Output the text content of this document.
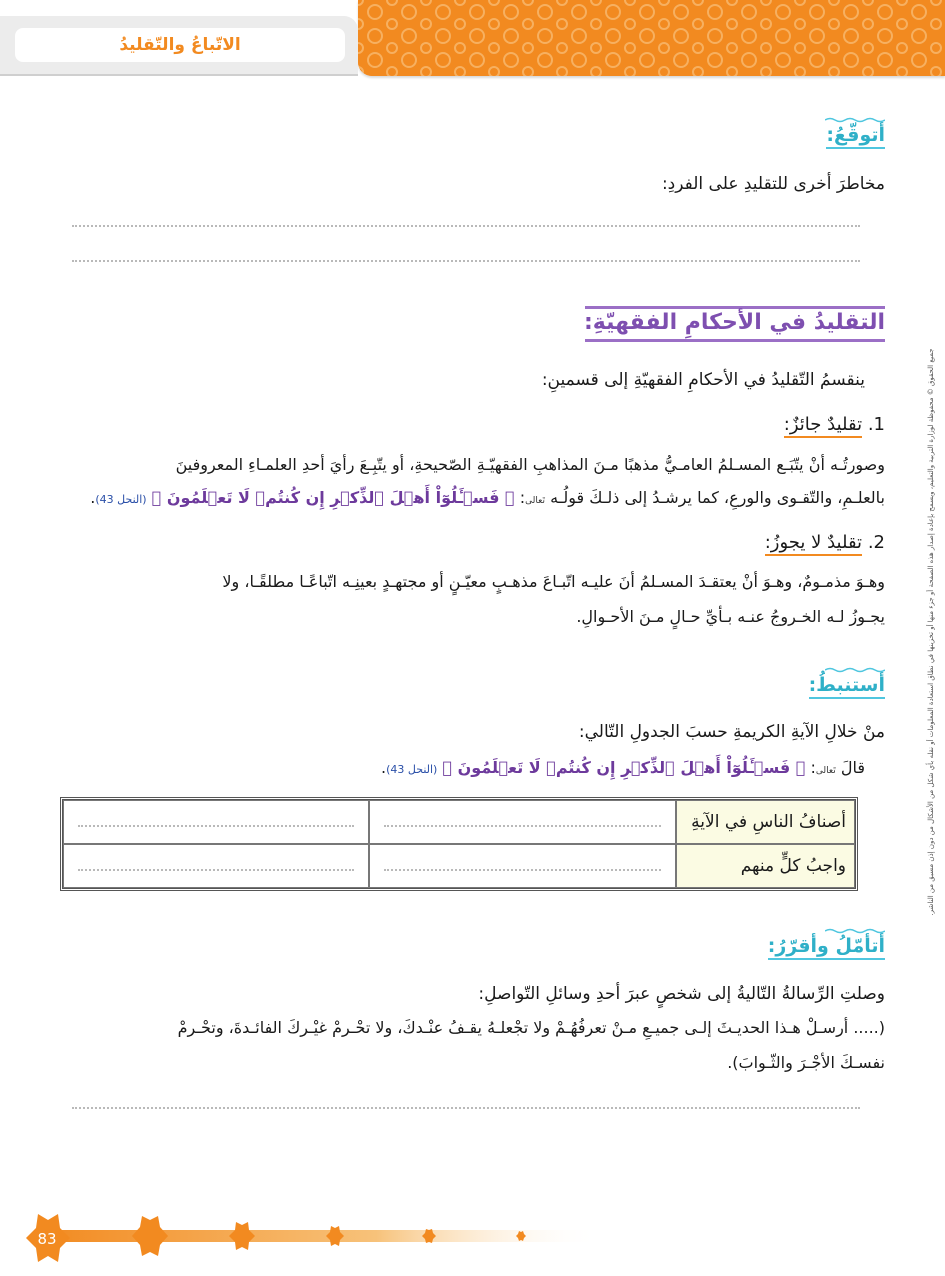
الاتّباعُ والتّقليدُ
جميع الحقوق © محفوظة لوزارة التربية والتعليم، ويسمح بإعادة إصدار هذه الصفحة أو جزء منها أو تخزينها في نطاق استعادة المعلومات أو نقله بأي شكل من الأشكال من دون إذن مسبق من الناشر.
أتوقّعُ:
مخاطرَ أخرى للتقليدِ على الفردِ:
التقليدُ في الأحكامِ الفقهيّةِ:
ينقسمُ التّقليدُ في الأحكامِ الفقهيّةِ إلى قسمينِ:
1. تقليدٌ جائزٌ:
وصورتُـه أنْ يتّبَـع المسـلمُ العامـيُّ مذهبًا مـنَ المذاهبِ الفقهيّـةِ الصّحيحةِ، أو يتّبِـعَ رأيَ أحدِ العلمـاءِ المعروفينَ
بالعلـمِ، والتّقـوى والورعِ، كما يرشـدُ إلى ذلـكَ قولُـه تَعالى: ﴿ فَسۡـَٔلُوٓاْ أَهۡلَ ٱلذِّكۡرِ إِن كُنتُمۡ لَا تَعۡلَمُونَ ﴾ (النحل 43).
2. تقليدٌ لا يجوزُ:
وهـوَ مذمـومٌ، وهـوَ أنْ يعتقـدَ المسـلمُ أنَ عليـه اتّبـاعَ مذهـبٍ معيّـنٍ أو مجتهـدٍ بعينِـه اتّباعًـا مطلقًـا، ولا
يجـوزُ لـه الخـروجُ عنـه بـأيِّ حـالٍ مـنَ الأحـوالِ.
أستنبطُ:
منْ خلالِ الآيةِ الكريمةِ حسبَ الجدولِ التّالي:
قالَ تَعالى: ﴿ فَسۡـَٔلُوٓاْ أَهۡلَ ٱلذِّكۡرِ إِن كُنتُمۡ لَا تَعۡلَمُونَ ﴾ (النحل 43).
أصنافُ الناسِ في الآيةِ
واجبُ كلٍّ منهم
أتأمّلُ وأقرّرُ:
وصلتِ الرِّسالةُ التّاليةُ إلى شخصٍ عبرَ أحدِ وسائلِ التّواصلِ:
(..... أرسـلْ هـذا الحديـثَ إلـى جميـعِ مـنْ تعرفُهُـمْ ولا تجْعلـهُ يقـفُ عنْـدكَ، ولا تحْـرمْ غيْـركَ الفائـدةَ، وتحْـرمْ
نفسـكَ الأجْـرَ والثّـوابَ).
83
